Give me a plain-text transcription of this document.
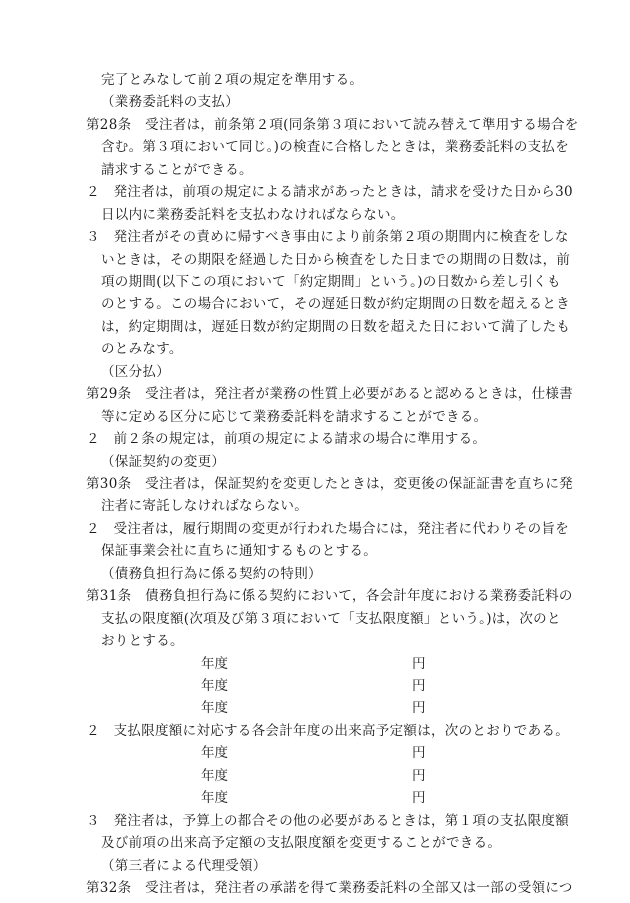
完了とみなして前２項の規定を準用する。
（業務委託料の支払）
第28条　受注者は，前条第２項(同条第３項において読み替えて準用する場合を
含む。第３項において同じ。)の検査に合格したときは，業務委託料の支払を
請求することができる。
２　発注者は，前項の規定による請求があったときは，請求を受けた日から30
日以内に業務委託料を支払わなければならない。
３　発注者がその責めに帰すべき事由により前条第２項の期間内に検査をしな
いときは，その期限を経過した日から検査をした日までの期間の日数は，前
項の期間(以下この項において「約定期間」という。)の日数から差し引くも
のとする。この場合において，その遅延日数が約定期間の日数を超えるとき
は，約定期間は，遅延日数が約定期間の日数を超えた日において満了したも
のとみなす。
（区分払）
第29条　受注者は，発注者が業務の性質上必要があると認めるときは，仕様書
等に定める区分に応じて業務委託料を請求することができる。
２　前２条の規定は，前項の規定による請求の場合に準用する。
（保証契約の変更）
第30条　受注者は，保証契約を変更したときは，変更後の保証証書を直ちに発
注者に寄託しなければならない。
２　受注者は，履行期間の変更が行われた場合には，発注者に代わりその旨を
保証事業会社に直ちに通知するものとする。
（債務負担行為に係る契約の特則）
第31条　債務負担行為に係る契約において，各会計年度における業務委託料の
支払の限度額(次項及び第３項において「支払限度額」という。)は，次のと
おりとする。
年度	円
年度	円
年度	円
２　支払限度額に対応する各会計年度の出来高予定額は，次のとおりである。
年度	円
年度	円
年度	円
３　発注者は，予算上の都合その他の必要があるときは，第１項の支払限度額
及び前項の出来高予定額の支払限度額を変更することができる。
（第三者による代理受領）
第32条　受注者は，発注者の承諾を得て業務委託料の全部又は一部の受領につ
